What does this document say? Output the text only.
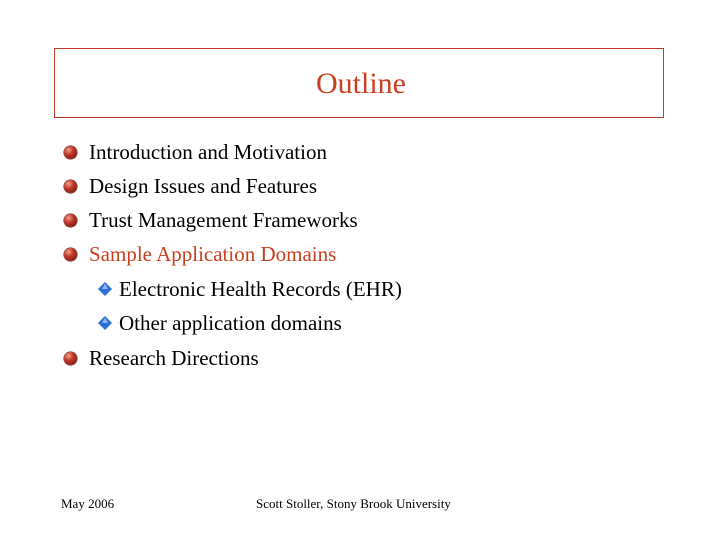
Outline
Introduction and Motivation
Design Issues and Features
Trust Management Frameworks
Sample Application Domains
Electronic Health Records (EHR)
Other application domains
Research Directions
May 2006	Scott Stoller, Stony Brook University
